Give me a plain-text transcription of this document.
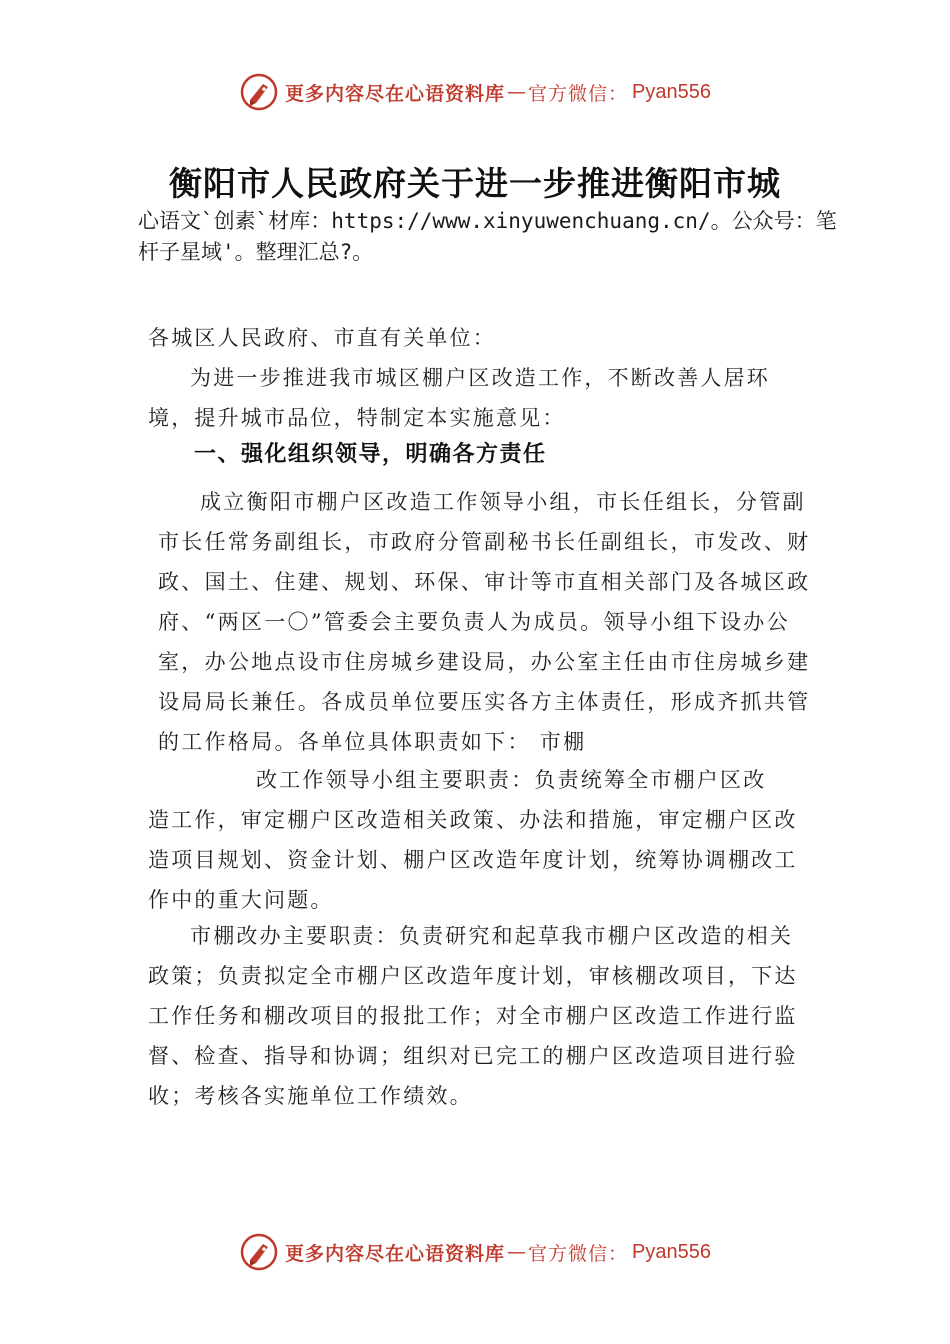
更多内容尽在心语资料库 — 官方微信： Pyan556
衡阳市人民政府关于进一步推进衡阳市城

心语文`创素`材库：https://www.xinyuwenchuang.cn/。公众号：笔杆子星域'。整理汇总?。

各城区人民政府、市直有关单位：

为进一步推进我市城区棚户区改造工作，不断改善人居环境，提升城市品位，特制定本实施意见：

一、强化组织领导，明确各方责任

成立衡阳市棚户区改造工作领导小组，市长任组长，分管副市长任常务副组长，市政府分管副秘书长任副组长，市发改、财政、国土、住建、规划、环保、审计等市直相关部门及各城区政府、“两区一〇”管委会主要负责人为成员。领导小组下设办公室，办公地点设市住房城乡建设局，办公室主任由市住房城乡建设局局长兼任。各成员单位要压实各方主体责任，形成齐抓共管的工作格局。各单位具体职责如下： 市棚

改工作领导小组主要职责：负责统筹全市棚户区改
造工作，审定棚户区改造相关政策、办法和措施，审定棚户区改造项目规划、资金计划、棚户区改造年度计划，统筹协调棚改工作中的重大问题。

市棚改办主要职责：负责研究和起草我市棚户区改造的相关政策；负责拟定全市棚户区改造年度计划，审核棚改项目，下达工作任务和棚改项目的报批工作；对全市棚户区改造工作进行监督、检查、指导和协调；组织对已完工的棚户区改造项目进行验收；考核各实施单位工作绩效。

更多内容尽在心语资料库 — 官方微信： Pyan556
